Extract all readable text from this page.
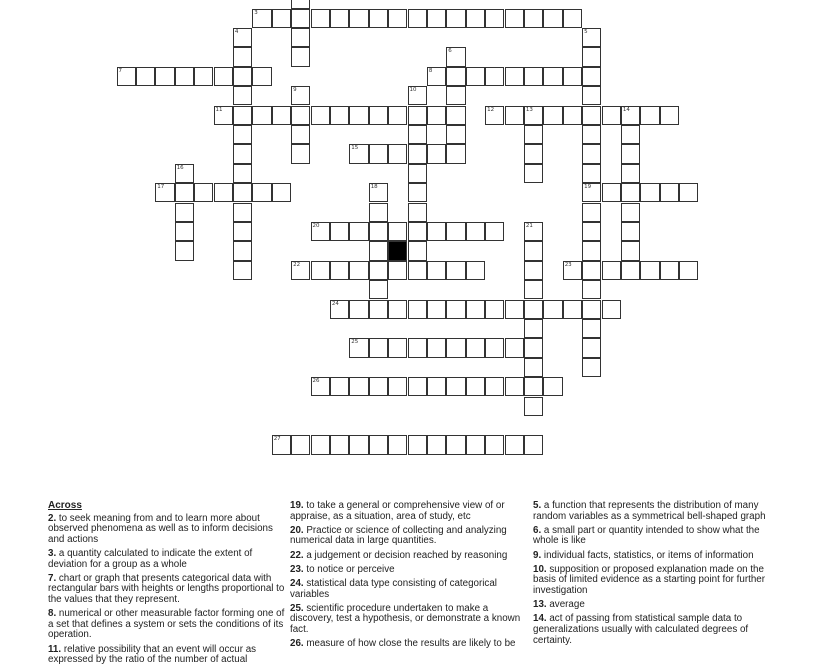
3
4	5
19
6
7	8
9	10
11	12	13	14
15
16
17	18
20	21
22	23
24
25
26
27
Across
2. to seek meaning from and to learn more about observed phenomena as well as to inform decisions and actions
3. a quantity calculated to indicate the extent of deviation for a group as a whole
7. chart or graph that presents categorical data with rectangular bars with heights or lengths proportional to the values that they represent.
8. numerical or other measurable factor forming one of a set that defines a system or sets the conditions of its operation.
11. relative possibility that an event will occur as expressed by the ratio of the number of actual
19. to take a general or comprehensive view of or appraise, as a situation, area of study, etc
20. Practice or science of collecting and analyzing numerical data in large quantities.
22. a judgement or decision reached by reasoning
23. to notice or perceive
24. statistical data type consisting of categorical variables
25. scientific procedure undertaken to make a discovery, test a hypothesis, or demonstrate a known fact.
26. measure of how close the results are likely to be
5. a function that represents the distribution of many random variables as a symmetrical bell-shaped graph
6. a small part or quantity intended to show what the whole is like
9. individual facts, statistics, or items of information
10. supposition or proposed explanation made on the basis of limited evidence as a starting point for further investigation
13. average
14. act of passing from statistical sample data to generalizations usually with calculated degrees of certainty.
